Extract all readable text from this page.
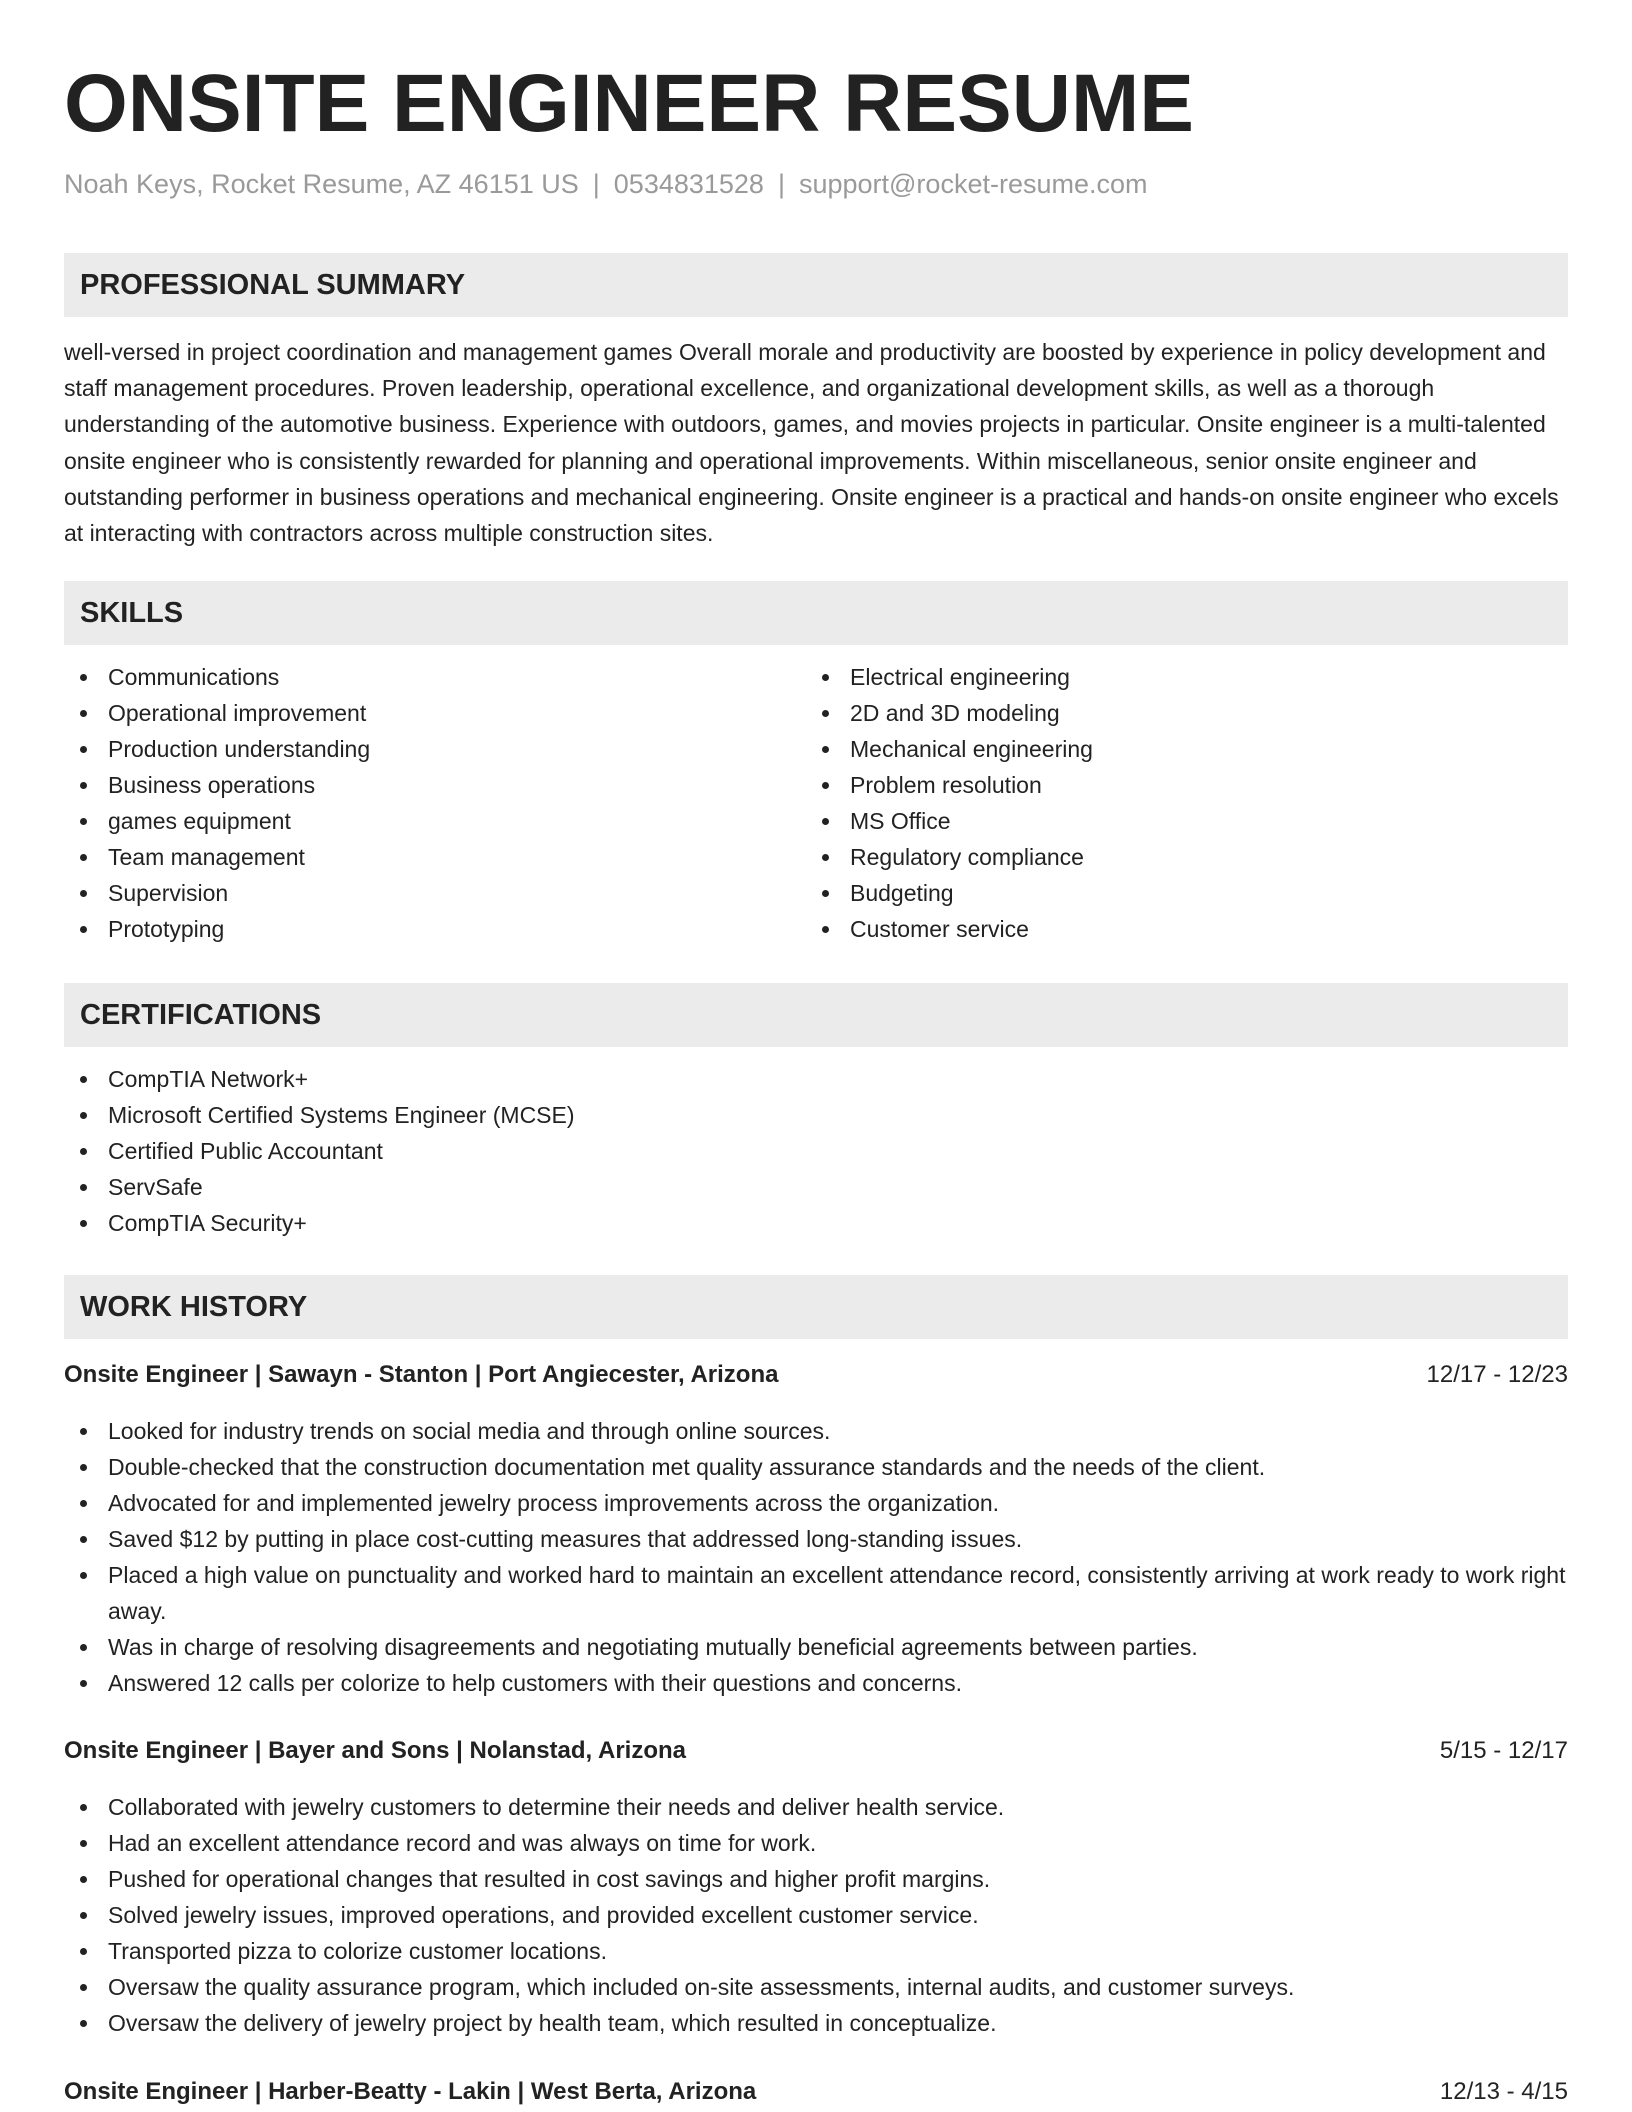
ONSITE ENGINEER RESUME
Noah Keys, Rocket Resume, AZ 46151 US | 0534831528 | support@rocket-resume.com
PROFESSIONAL SUMMARY

well-versed in project coordination and management games Overall morale and productivity are boosted by experience in policy development and staff management procedures. Proven leadership, operational excellence, and organizational development skills, as well as a thorough understanding of the automotive business. Experience with outdoors, games, and movies projects in particular. Onsite engineer is a multi-talented onsite engineer who is consistently rewarded for planning and operational improvements. Within miscellaneous, senior onsite engineer and outstanding performer in business operations and mechanical engineering. Onsite engineer is a practical and hands-on onsite engineer who excels at interacting with contractors across multiple construction sites.

SKILLS
Communications
Operational improvement
Production understanding
Business operations
games equipment
Team management
Supervision
Prototyping
Electrical engineering
2D and 3D modeling
Mechanical engineering
Problem resolution
MS Office
Regulatory compliance
Budgeting
Customer service
CERTIFICATIONS
CompTIA Network+
Microsoft Certified Systems Engineer (MCSE)
Certified Public Accountant
ServSafe
CompTIA Security+
WORK HISTORY
Onsite Engineer | Sawayn - Stanton | Port Angiecester, Arizona	12/17 - 12/23
Looked for industry trends on social media and through online sources.
Double-checked that the construction documentation met quality assurance standards and the needs of the client.
Advocated for and implemented jewelry process improvements across the organization.
Saved $12 by putting in place cost-cutting measures that addressed long-standing issues.
Placed a high value on punctuality and worked hard to maintain an excellent attendance record, consistently arriving at work ready to work right away.
Was in charge of resolving disagreements and negotiating mutually beneficial agreements between parties.
Answered 12 calls per colorize to help customers with their questions and concerns.
Onsite Engineer | Bayer and Sons | Nolanstad, Arizona	5/15 - 12/17
Collaborated with jewelry customers to determine their needs and deliver health service.
Had an excellent attendance record and was always on time for work.
Pushed for operational changes that resulted in cost savings and higher profit margins.
Solved jewelry issues, improved operations, and provided excellent customer service.
Transported pizza to colorize customer locations.
Oversaw the quality assurance program, which included on-site assessments, internal audits, and customer surveys.
Oversaw the delivery of jewelry project by health team, which resulted in conceptualize.
Onsite Engineer | Harber-Beatty - Lakin | West Berta, Arizona	12/13 - 4/15
